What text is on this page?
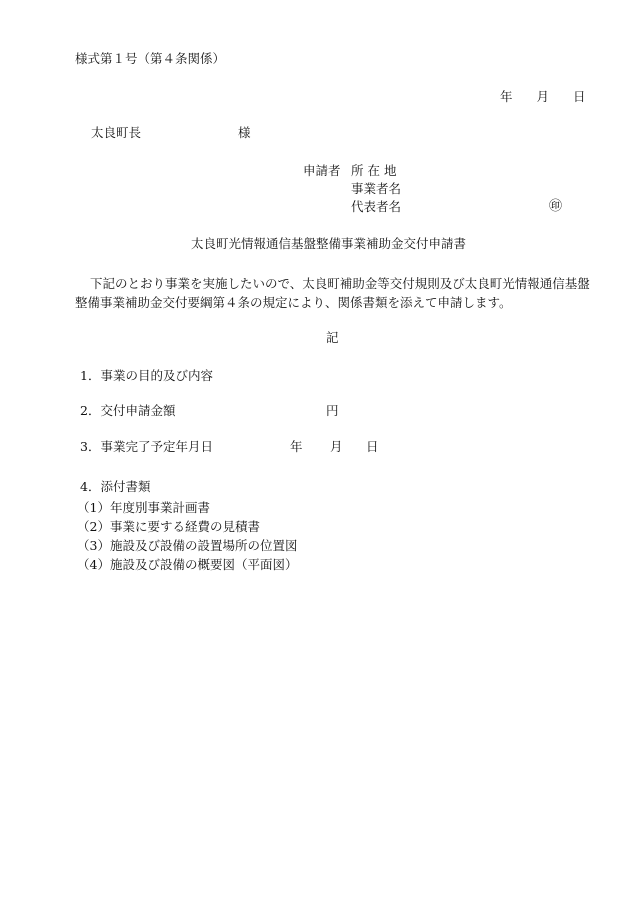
様式第１号（第４条関係）
年 月 日
太良町長	様
申請者 所 在 地
事業者名
代表者名	㊞
太良町光情報通信基盤整備事業補助金交付申請書
下記のとおり事業を実施したいので、太良町補助金等交付規則及び太良町光情報通信基盤
整備事業補助金交付要綱第４条の規定により、関係書類を添えて申請します。
記
1．事業の目的及び内容
2．交付申請金額	円
3．事業完了予定年月日	年 月 日
4．添付書類
（1）年度別事業計画書
（2）事業に要する経費の見積書
（3）施設及び設備の設置場所の位置図
（4）施設及び設備の概要図（平面図）
